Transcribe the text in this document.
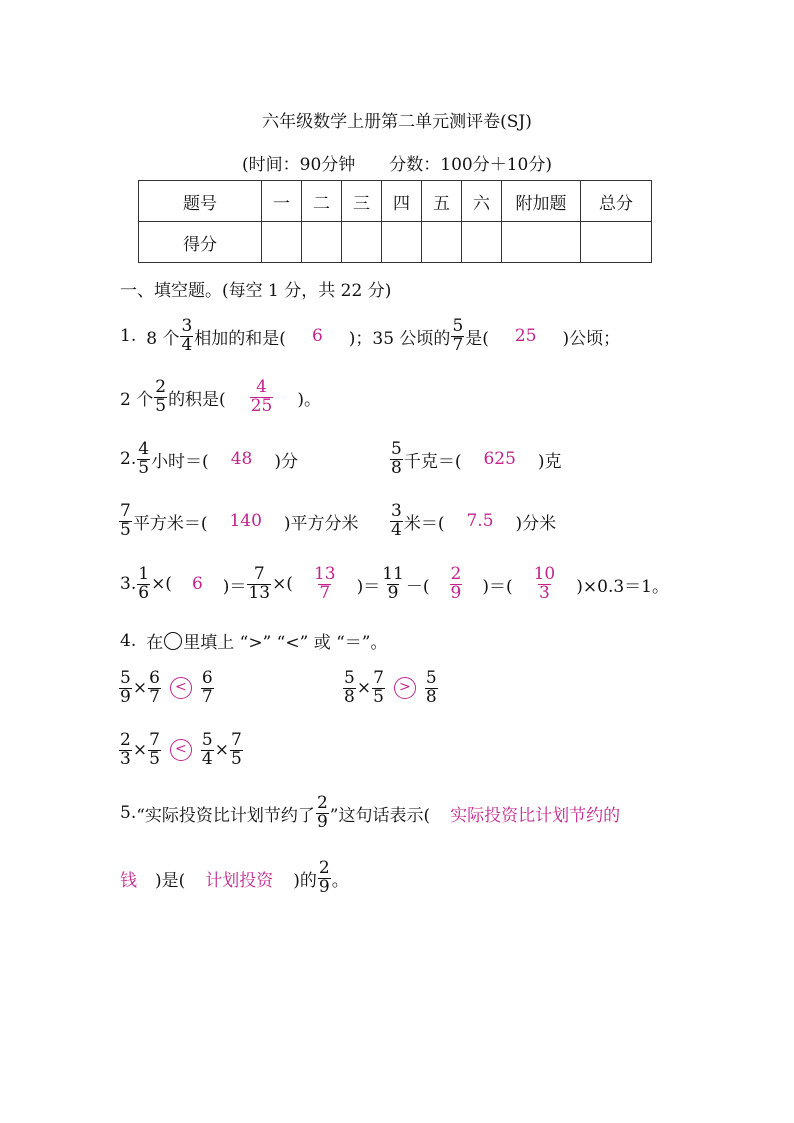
六年级数学上册第二单元测评卷(SJ)
(时间：90分钟　　分数：100分＋10分)
题号	一	二	三	四	五	六	附加题	总分
得分								
一、填空题。(每空 1 分，共 22 分)
1. 8 个 $\frac{3}{4}$ 相加的和是( 6 )；35 公顷的 $\frac{5}{7}$ 是( 25 )公顷；
2 个 $\frac{2}{5}$ 的积是( $\frac{4}{25}$ )。
2. $\frac{4}{5}$ 小时＝( 48 )分	$\frac{5}{8}$ 千克＝( 625 )克
$\frac{7}{5}$ 平方米＝( 140 )平方分米 $\frac{3}{4}$ 米＝( 7.5 )分米
3. $\frac{1}{6}$ ×( 6 )＝ $\frac{7}{13}$ ×( $\frac{13}{7}$ )＝ $\frac{11}{9}$ －( $\frac{2}{9}$ )＝( $\frac{10}{3} )\times 0.3=1$。
4. 在 里填上 “>” “<” 或 “＝”。
$\frac{5}{9} \times \frac{6}{7}$	< $\frac{6}{7}$	$\frac{5}{8} \times \frac{7}{5}$	> $\frac{5}{8}$
$\frac{2}{3} \times \frac{7}{5}$	< $\frac{5}{4} \times \frac{7}{5}$
5. “实际投资比计划节约了 $\frac{2}{9}$ ”这句话表示( 实际投资比计划节约的
钱 )是( 计划投资 )的 $\frac{2}{9}$ 。
